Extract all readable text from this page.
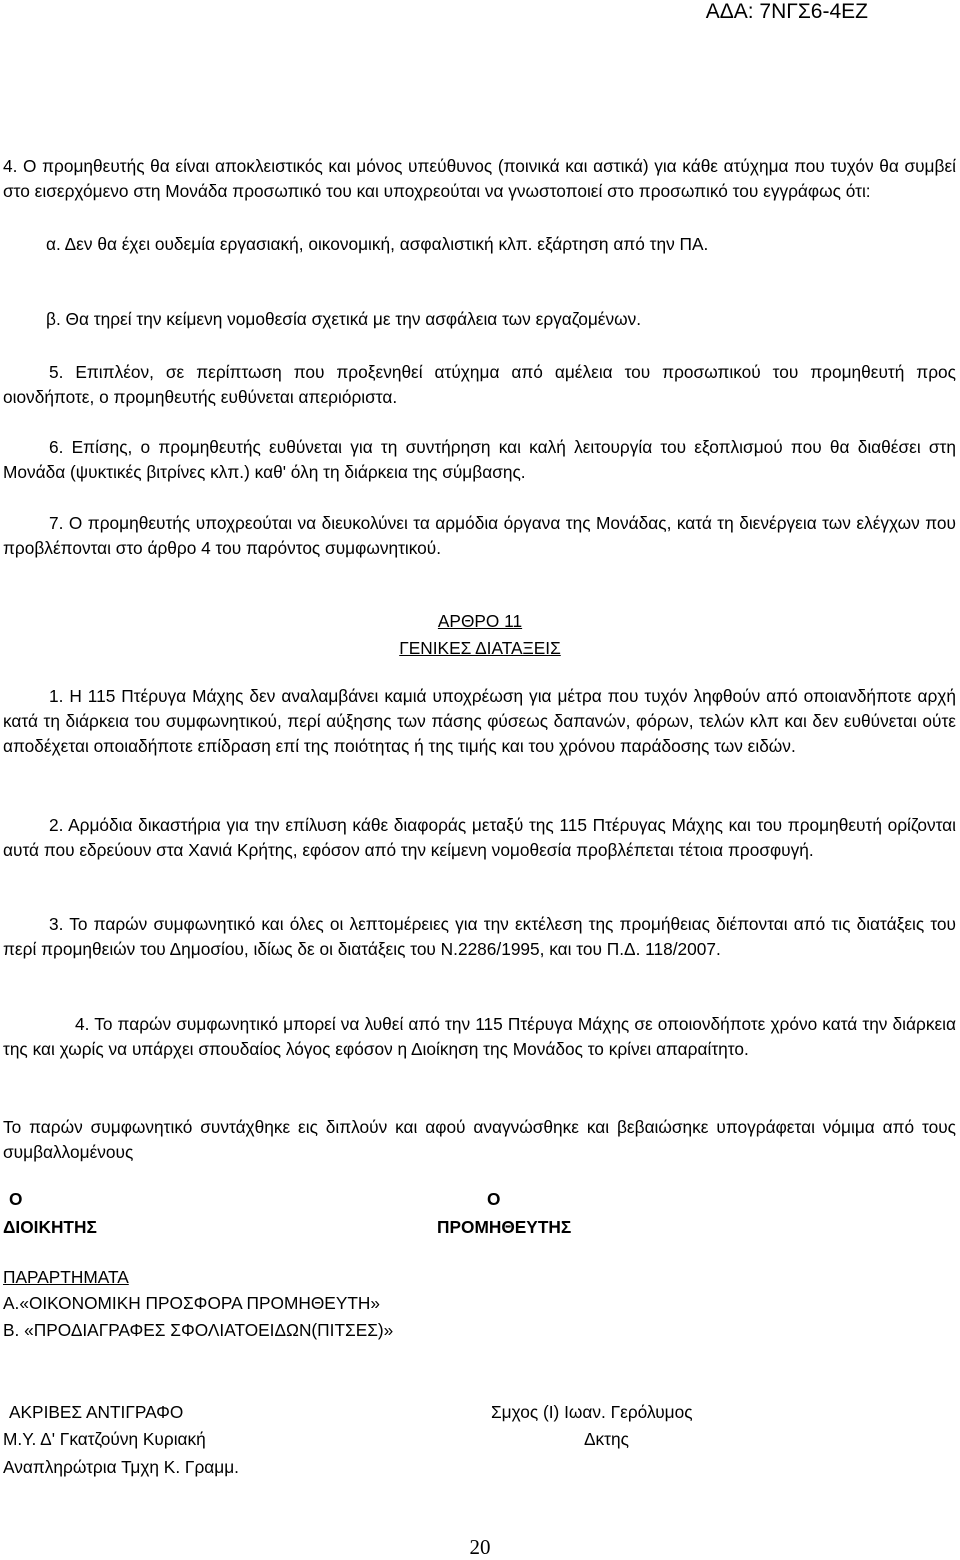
ΑΔΑ: 7ΝΓΣ6-4ΕΖ
4. Ο προμηθευτής θα είναι αποκλειστικός και μόνος υπεύθυνος (ποινικά και αστικά) για κάθε ατύχημα που τυχόν θα συμβεί στο εισερχόμενο στη Μονάδα προσωπικό του και υποχρεούται να γνωστοποιεί στο προσωπικό του εγγράφως ότι:
α. Δεν θα έχει ουδεμία εργασιακή, οικονομική, ασφαλιστική κλπ. εξάρτηση από την ΠΑ.
β. Θα τηρεί την κείμενη νομοθεσία σχετικά με την ασφάλεια των εργαζομένων.
5. Επιπλέον, σε περίπτωση που προξενηθεί ατύχημα από αμέλεια του προσωπικού του προμηθευτή προς οιονδήποτε, ο προμηθευτής ευθύνεται απεριόριστα.
6. Επίσης, ο προμηθευτής ευθύνεται για τη συντήρηση και καλή λειτουργία του εξοπλισμού που θα διαθέσει στη Μονάδα (ψυκτικές βιτρίνες κλπ.) καθ' όλη τη διάρκεια της σύμβασης.
7. Ο προμηθευτής υποχρεούται να διευκολύνει τα αρμόδια όργανα της Μονάδας, κατά τη διενέργεια των ελέγχων που προβλέπονται στο άρθρο 4 του παρόντος συμφωνητικού.
ΑΡΘΡΟ 11
ΓΕΝΙΚΕΣ ΔΙΑΤΑΞΕΙΣ
1. Η 115 Πτέρυγα Μάχης δεν αναλαμβάνει καμιά υποχρέωση για μέτρα που τυχόν ληφθούν από οποιανδήποτε αρχή κατά τη διάρκεια του συμφωνητικού, περί αύξησης των πάσης φύσεως δαπανών, φόρων, τελών κλπ και δεν ευθύνεται ούτε αποδέχεται οποιαδήποτε επίδραση επί της ποιότητας ή της τιμής και του χρόνου παράδοσης των ειδών.
2. Αρμόδια δικαστήρια για την επίλυση κάθε διαφοράς μεταξύ της 115 Πτέρυγας Μάχης και του προμηθευτή ορίζονται αυτά που εδρεύουν στα Χανιά Κρήτης, εφόσον από την κείμενη νομοθεσία προβλέπεται τέτοια προσφυγή.
3. Το παρών συμφωνητικό και όλες οι λεπτομέρειες για την εκτέλεση της προμήθειας διέπονται από τις διατάξεις του περί προμηθειών του Δημοσίου, ιδίως δε οι διατάξεις του Ν.2286/1995, και του Π.Δ. 118/2007.
4. Το παρών συμφωνητικό μπορεί να λυθεί από την 115 Πτέρυγα Μάχης σε οποιονδήποτε χρόνο κατά την διάρκεια της και χωρίς να υπάρχει σπουδαίος λόγος εφόσον η Διοίκηση της Μονάδος το κρίνει απαραίτητο.
Το παρών συμφωνητικό συντάχθηκε εις διπλούν και αφού αναγνώσθηκε και βεβαιώσηκε υπογράφεται νόμιμα από τους συμβαλλομένους
Ο
ΔΙΟΙΚΗΤΗΣ
Ο
ΠΡΟΜΗΘΕΥΤΗΣ
ΠΑΡΑΡΤΗΜΑΤΑ
Α.«ΟΙΚΟΝΟΜΙΚΗ ΠΡΟΣΦΟΡΑ ΠΡΟΜΗΘΕΥΤΗ»
Β. «ΠΡΟΔΙΑΓΡΑΦΕΣ ΣΦΟΛΙΑΤΟΕΙΔΩΝ(ΠΙΤΣΕΣ)»
ΑΚΡΙΒΕΣ ΑΝΤΙΓΡΑΦΟ
Μ.Υ. Δ' Γκατζούνη Κυριακή
Αναπληρώτρια Τμχη Κ. Γραμμ.
Σμχος (Ι) Ιωαν. Γερόλυμος
Δκτης
20
